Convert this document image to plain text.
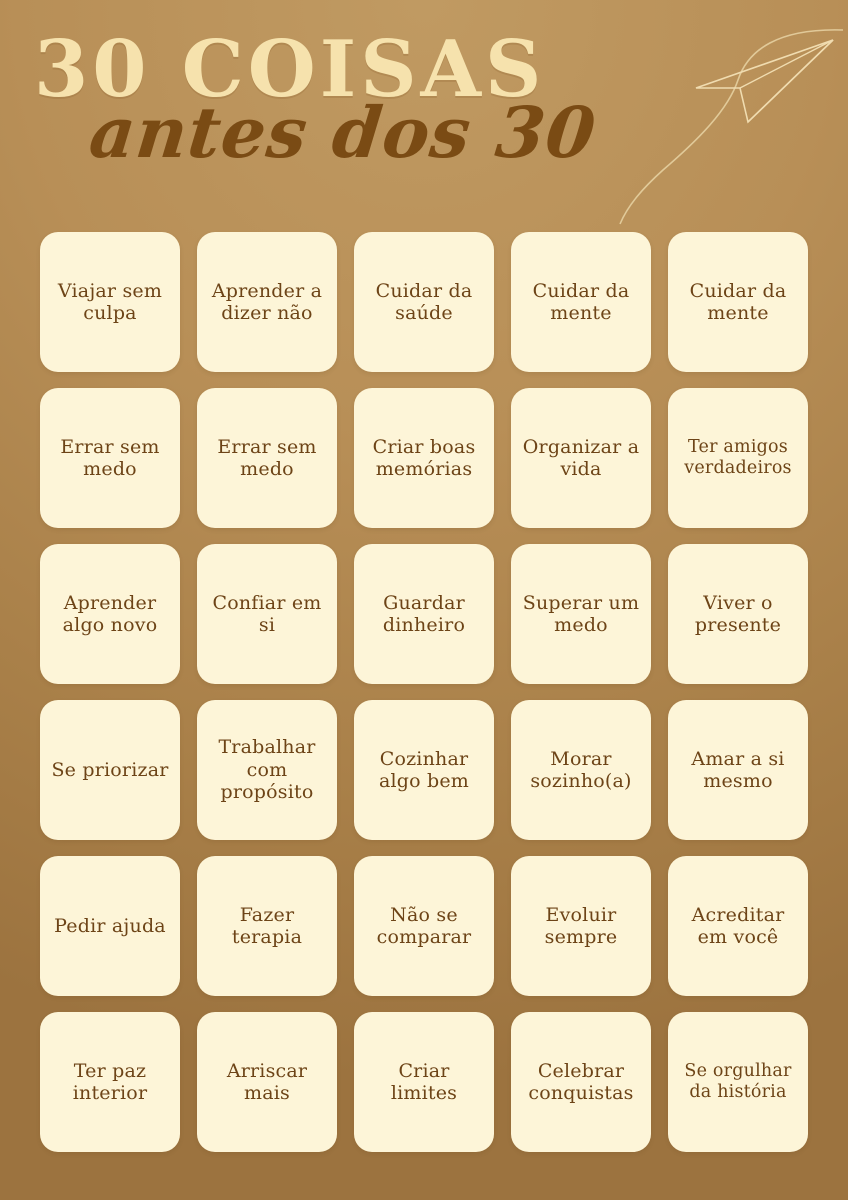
30 COISAS
antes dos 30
Viajar sem culpa
Aprender a dizer não
Cuidar da saúde
Cuidar da mente
Cuidar da mente
Errar sem medo
Errar sem medo
Criar boas memórias
Organizar a vida
Ter amigos verdadeiros
Aprender algo novo
Confiar em si
Guardar dinheiro
Superar um medo
Viver o presente
Se priorizar
Trabalhar com propósito
Cozinhar algo bem
Morar sozinho(a)
Amar a si mesmo
Pedir ajuda
Fazer terapia
Não se comparar
Evoluir sempre
Acreditar em você
Ter paz interior
Arriscar mais
Criar limites
Celebrar conquistas
Se orgulhar da história
